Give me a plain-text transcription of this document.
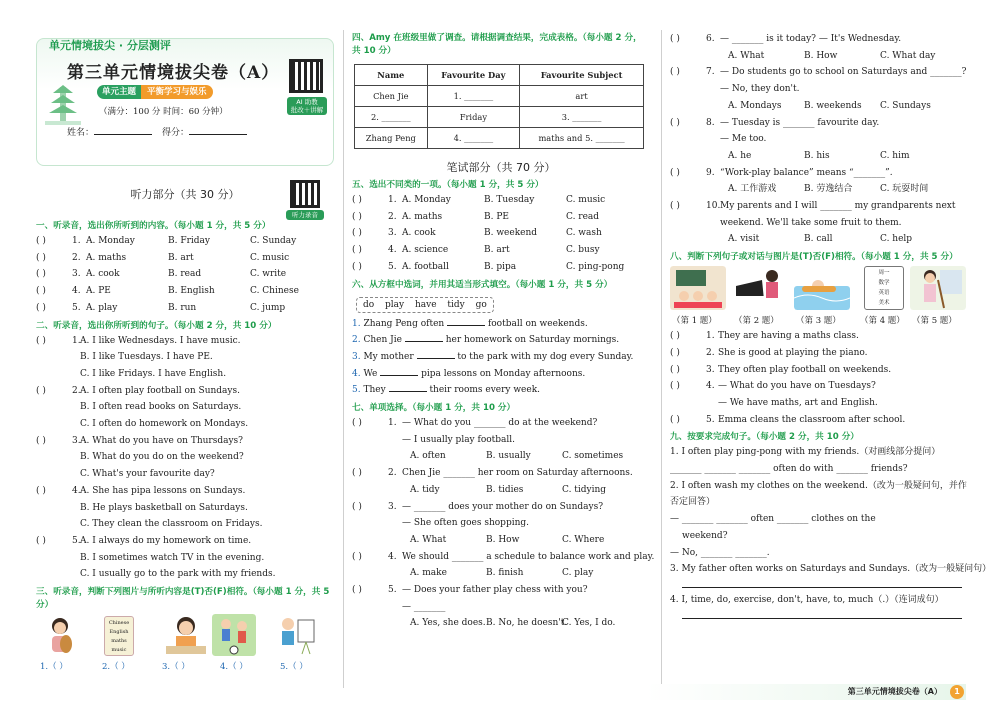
单元情境拔尖 · 分层测评
第三单元情境拔尖卷（A）
单元主题 平衡学习与娱乐
AI 助教
批改＋讲解
（满分：100 分 时间：60 分钟）
姓名：	得分：
听力部分（共 30 分）
听力录音
一、听录音，选出你所听到的内容。（每小题 1 分，共 5 分）
( )	1. A. Monday	B. Friday	C. Sunday
( )	2. A. maths	B. art	C. music
( )	3. A. cook	B. read	C. write
( )	4. A. PE	B. English	C. Chinese
( )	5. A. play	B. run	C. jump
二、听录音，选出你所听到的句子。（每小题 2 分，共 10 分）
( )	1.A. I like Wednesdays. I have music.
B. I like Tuesdays. I have PE.
C. I like Fridays. I have English.
( )	2.A. I often play football on Sundays.
B. I often read books on Saturdays.
C. I often do homework on Mondays.
( )	3.A. What do you have on Thursdays?
B. What do you do on the weekend?
C. What's your favourite day?
( )	4.A. She has pipa lessons on Sundays.
B. He plays basketball on Saturdays.
C. They clean the classroom on Fridays.
( )	5.A. I always do my homework on time.
B. I sometimes watch TV in the evening.
C. I usually go to the park with my friends.
三、听录音，判断下列图片与所听内容是(T)否(F)相符。（每小题 1 分，共 5 分）
Chinese
English
maths
music
1.（ ）	2.（ ）	3.（ ）	4.（ ）	5.（ ）
四、Amy 在班级里做了调查。请根据调查结果，完成表格。（每小题 2 分，共 10 分）
Name	Favourite Day	Favourite Subject
Chen Jie	1. _______	art
2. _______	Friday	3. _______
Zhang Peng	4. _______	maths and 5. _______
笔试部分（共 70 分）
五、选出不同类的一项。（每小题 1 分，共 5 分）
( )	1. A. Monday	B. Tuesday	C. music
( )	2. A. maths	B. PE	C. read
( )	3. A. cook	B. weekend	C. wash
( )	4. A. science	B. art	C. busy
( )	5. A. football	B. pipa	C. ping-pong
六、从方框中选词，并用其适当形式填空。（每小题 1 分，共 5 分）
do play have tidy go
1. Zhang Peng often	football on weekends.
2. Chen Jie	her homework on Saturday mornings.
3. My mother	to the park with my dog every Sunday.
4. We	pipa lessons on Monday afternoons.
5. They	their rooms every week.
七、单项选择。（每小题 1 分，共 10 分）
( )	1. — What do you _______ do at the weekend?
— I usually play football.
A. often	B. usually	C. sometimes
( )	2. Chen Jie _______ her room on Saturday afternoons.
A. tidy	B. tidies	C. tidying
( )	3. — _______ does your mother do on Sundays?
— She often goes shopping.
A. What	B. How	C. Where
( )	4. We should _______ a schedule to balance work and play.
A. make	B. finish	C. play
( )	5. — Does your father play chess with you?
— _______
A. Yes, she does.B. No, he doesn't.C. Yes, I do.
( )	6. — _______ is it today? — It's Wednesday.
A. What	B. How	C. What day
( )	7. — Do students go to school on Saturdays and _______?
— No, they don't.
A. Mondays	B. weekends C. Sundays
( )	8. — Tuesday is _______ favourite day.
— Me too.
A. he	B. his	C. him
( )	9. “Work-play balance” means “_______”.
A. 工作游戏	B. 劳逸结合	C. 玩耍时间
( )	10.My parents and I will _______ my grandparents next
weekend. We'll take some fruit to them.
A. visit	B. call	C. help
八、判断下列句子或对话与图片是(T)否(F)相符。（每小题 1 分，共 5 分）
周一
数学
英语
美术
（第 1 题） （第 2 题） （第 3 题） （第 4 题） （第 5 题）
( )	1. They are having a maths class.
( )	2. She is good at playing the piano.
( )	3. They often play football on weekends.
( )	4. — What do you have on Tuesdays?
— We have maths, art and English.
( )	5. Emma cleans the classroom after school.
九、按要求完成句子。（每小题 2 分，共 10 分）
1. I often play ping-pong with my friends.（对画线部分提问）
_______ _______ _______ often do with _______ friends?
2. I often wash my clothes on the weekend.（改为一般疑问句，并作
否定回答）
— _______ _______ often _______ clothes on the
weekend?
— No, _______ _______.
3. My father often works on Saturdays and Sundays.（改为一般疑问句）
4. I, time, do, exercise, don't, have, to, much（.）（连词成句）
第三单元情境拔尖卷（A）	1
